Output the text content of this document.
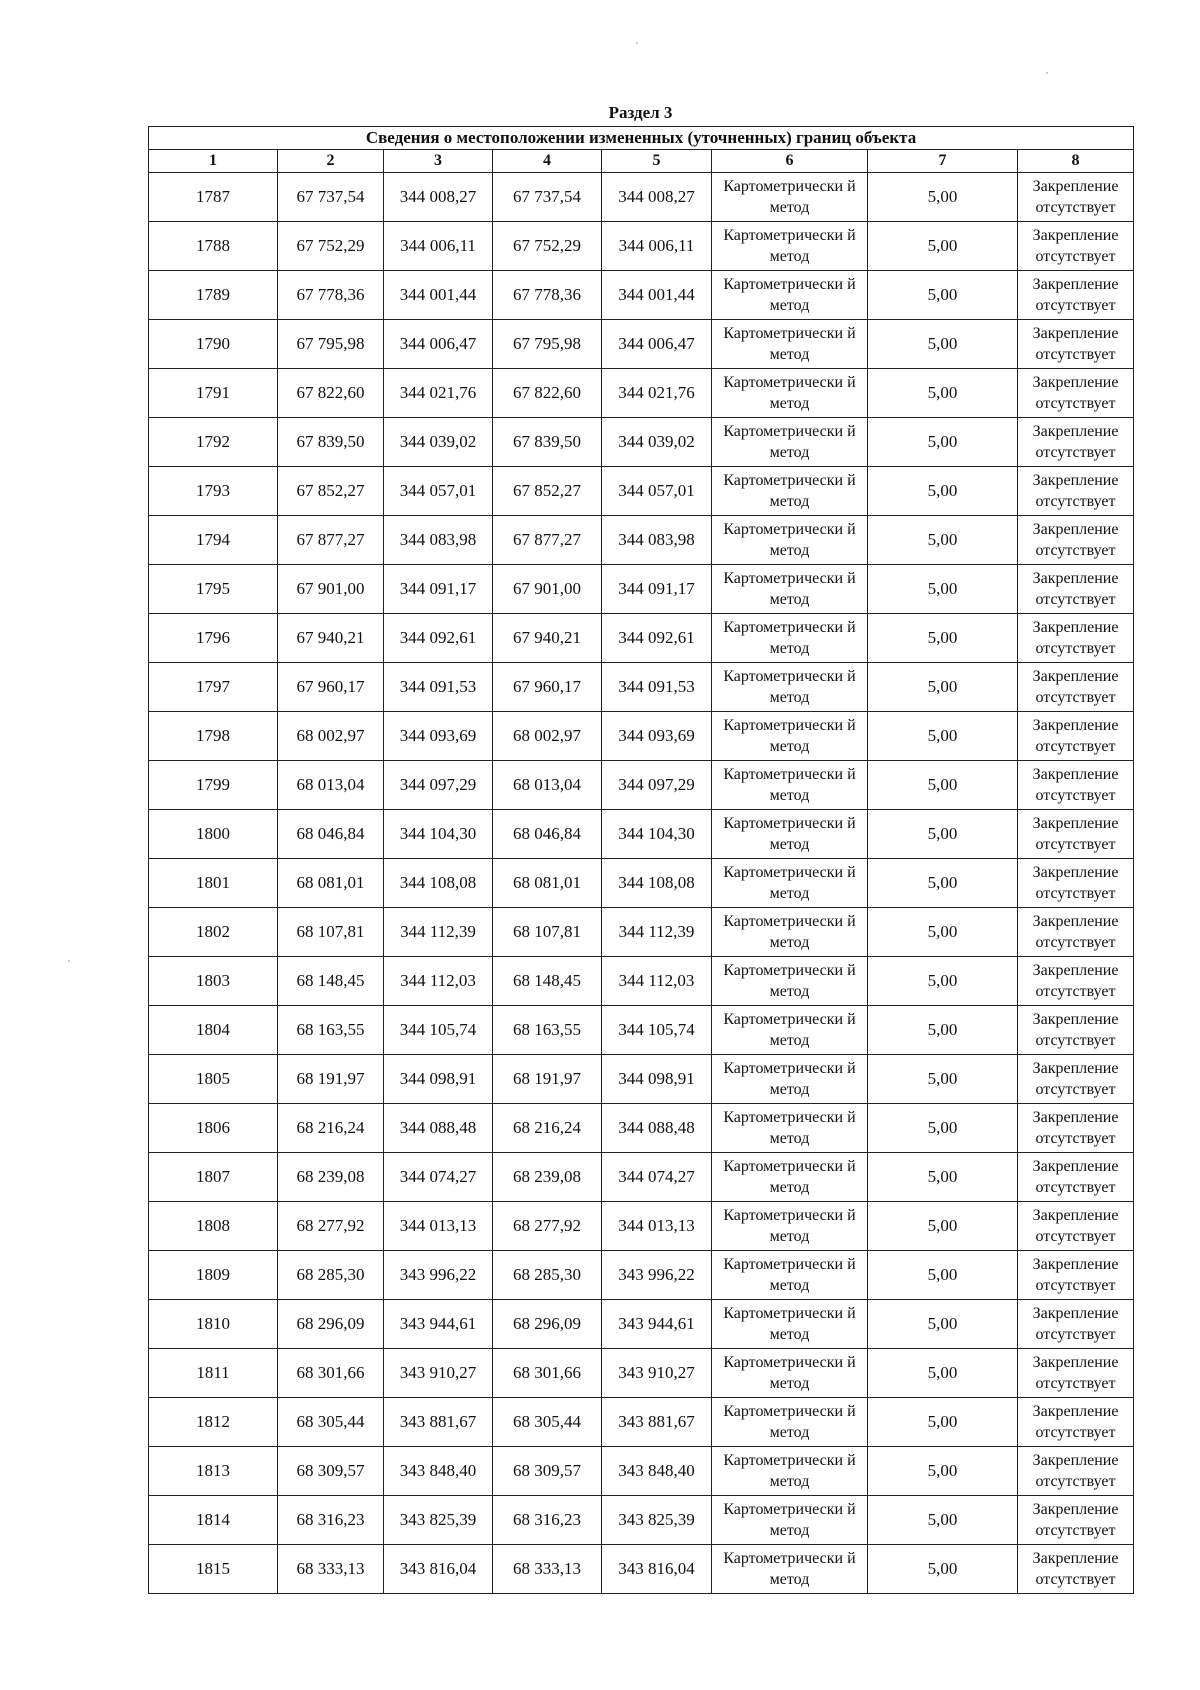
Раздел 3
Сведения о местоположении измененных (уточненных) границ объекта							
1	2	3	4	5	6	7	8
1787	67 737,54	344 008,27	67 737,54	344 008,27	Картометрически й метод	5,00	Закрепление отсутствует
1788	67 752,29	344 006,11	67 752,29	344 006,11	Картометрически й метод	5,00	Закрепление отсутствует
1789	67 778,36	344 001,44	67 778,36	344 001,44	Картометрически й метод	5,00	Закрепление отсутствует
1790	67 795,98	344 006,47	67 795,98	344 006,47	Картометрически й метод	5,00	Закрепление отсутствует
1791	67 822,60	344 021,76	67 822,60	344 021,76	Картометрически й метод	5,00	Закрепление отсутствует
1792	67 839,50	344 039,02	67 839,50	344 039,02	Картометрически й метод	5,00	Закрепление отсутствует
1793	67 852,27	344 057,01	67 852,27	344 057,01	Картометрически й метод	5,00	Закрепление отсутствует
1794	67 877,27	344 083,98	67 877,27	344 083,98	Картометрически й метод	5,00	Закрепление отсутствует
1795	67 901,00	344 091,17	67 901,00	344 091,17	Картометрически й метод	5,00	Закрепление отсутствует
1796	67 940,21	344 092,61	67 940,21	344 092,61	Картометрически й метод	5,00	Закрепление отсутствует
1797	67 960,17	344 091,53	67 960,17	344 091,53	Картометрически й метод	5,00	Закрепление отсутствует
1798	68 002,97	344 093,69	68 002,97	344 093,69	Картометрически й метод	5,00	Закрепление отсутствует
1799	68 013,04	344 097,29	68 013,04	344 097,29	Картометрически й метод	5,00	Закрепление отсутствует
1800	68 046,84	344 104,30	68 046,84	344 104,30	Картометрически й метод	5,00	Закрепление отсутствует
1801	68 081,01	344 108,08	68 081,01	344 108,08	Картометрически й метод	5,00	Закрепление отсутствует
1802	68 107,81	344 112,39	68 107,81	344 112,39	Картометрически й метод	5,00	Закрепление отсутствует
1803	68 148,45	344 112,03	68 148,45	344 112,03	Картометрически й метод	5,00	Закрепление отсутствует
1804	68 163,55	344 105,74	68 163,55	344 105,74	Картометрически й метод	5,00	Закрепление отсутствует
1805	68 191,97	344 098,91	68 191,97	344 098,91	Картометрически й метод	5,00	Закрепление отсутствует
1806	68 216,24	344 088,48	68 216,24	344 088,48	Картометрически й метод	5,00	Закрепление отсутствует
1807	68 239,08	344 074,27	68 239,08	344 074,27	Картометрически й метод	5,00	Закрепление отсутствует
1808	68 277,92	344 013,13	68 277,92	344 013,13	Картометрически й метод	5,00	Закрепление отсутствует
1809	68 285,30	343 996,22	68 285,30	343 996,22	Картометрически й метод	5,00	Закрепление отсутствует
1810	68 296,09	343 944,61	68 296,09	343 944,61	Картометрически й метод	5,00	Закрепление отсутствует
1811	68 301,66	343 910,27	68 301,66	343 910,27	Картометрически й метод	5,00	Закрепление отсутствует
1812	68 305,44	343 881,67	68 305,44	343 881,67	Картометрически й метод	5,00	Закрепление отсутствует
1813	68 309,57	343 848,40	68 309,57	343 848,40	Картометрически й метод	5,00	Закрепление отсутствует
1814	68 316,23	343 825,39	68 316,23	343 825,39	Картометрически й метод	5,00	Закрепление отсутствует
1815	68 333,13	343 816,04	68 333,13	343 816,04	Картометрически й метод	5,00	Закрепление отсутствует
